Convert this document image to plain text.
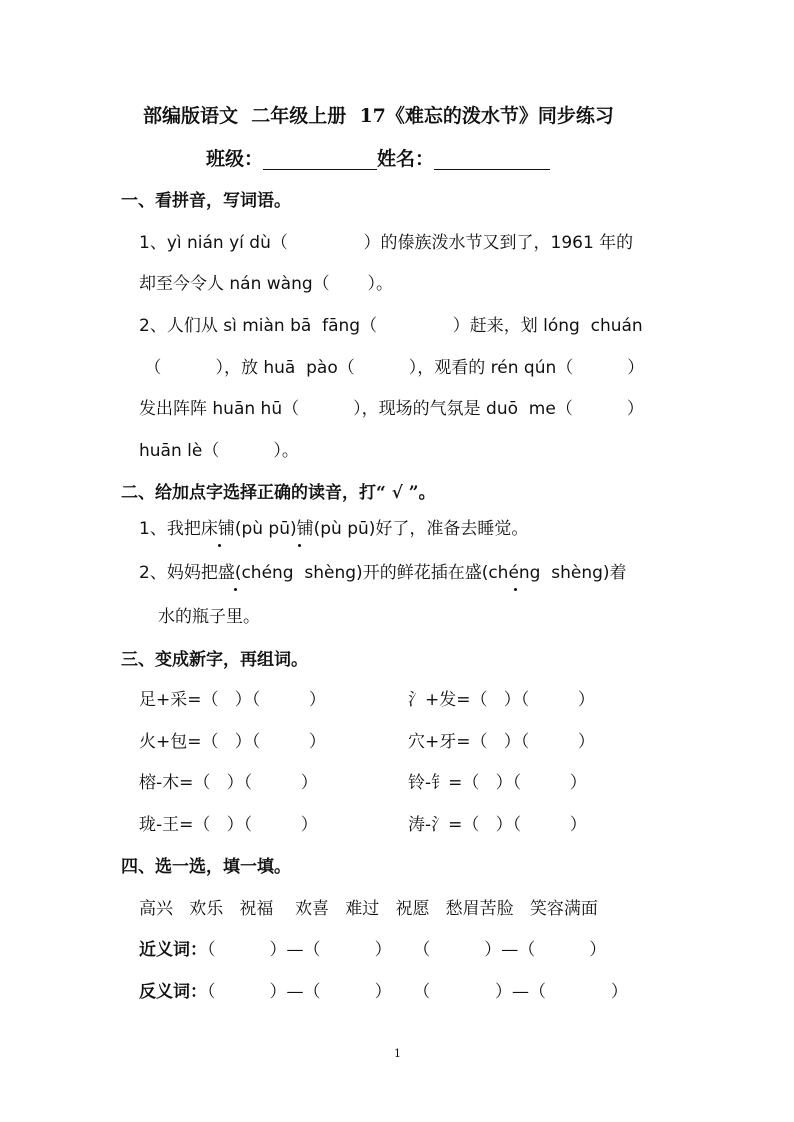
部编版语文  二年级上册  17《难忘的泼水节》同步练习
班级：	姓名：
一、看拼音，写词语。
1、yì nián yí dù（              ）的傣族泼水节又到了，1961 年的
却至今令人 nán wàng（       ）。
2、人们从 sì miàn bā  fāng（              ）赶来，划 lóng  chuán
（          ），放 huā  pào（          ），观看的 rén qún（          ）
发出阵阵 huān hū（          ），现场的气氛是 duō  me（          ）
huān lè（          ）。
二、给加点字选择正确的读音，打“ √ ”。
1、我把床铺(pù pū)铺(pù pū)好了，准备去睡觉。
2、妈妈把盛(chéng  shèng)开的鲜花插在盛(chéng  shèng)着
水的瓶子里。
三、变成新字，再组词。
足+采=（   ）（         ）	氵+发=（   ）（         ）
火+包=（   ）（         ）	穴+牙=（   ）（         ）
榕-木=（   ）（         ）	铃-钅=（   ）（         ）
珑-王=（   ）（         ）	涛-氵=（   ）（         ）
四、选一选，填一填。
高兴   欢乐   祝福    欢喜   难过   祝愿   愁眉苦脸   笑容满面
近义词：（          ）—（          ）    （          ）—（          ）
反义词：（          ）—（          ）    （            ）—（            ）
1
